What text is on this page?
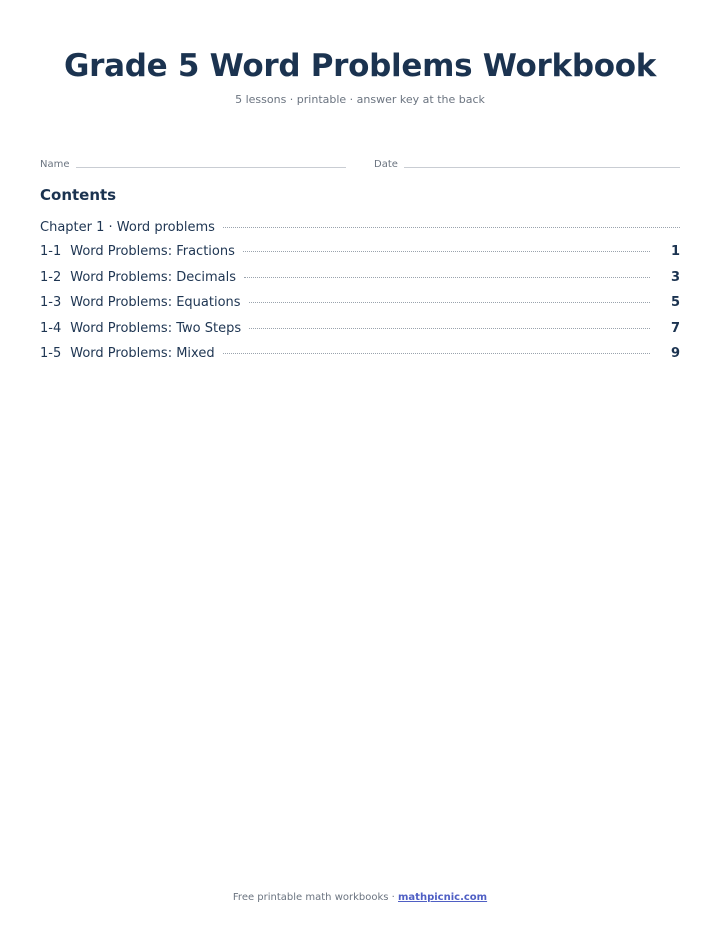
Grade 5 Word Problems Workbook
5 lessons · printable · answer key at the back
Name	Date
Contents
Chapter 1 · Word problems
1-1 Word Problems: Fractions	1
1-2 Word Problems: Decimals	3
1-3 Word Problems: Equations	5
1-4 Word Problems: Two Steps	7
1-5 Word Problems: Mixed	9
Free printable math workbooks · mathpicnic.com
